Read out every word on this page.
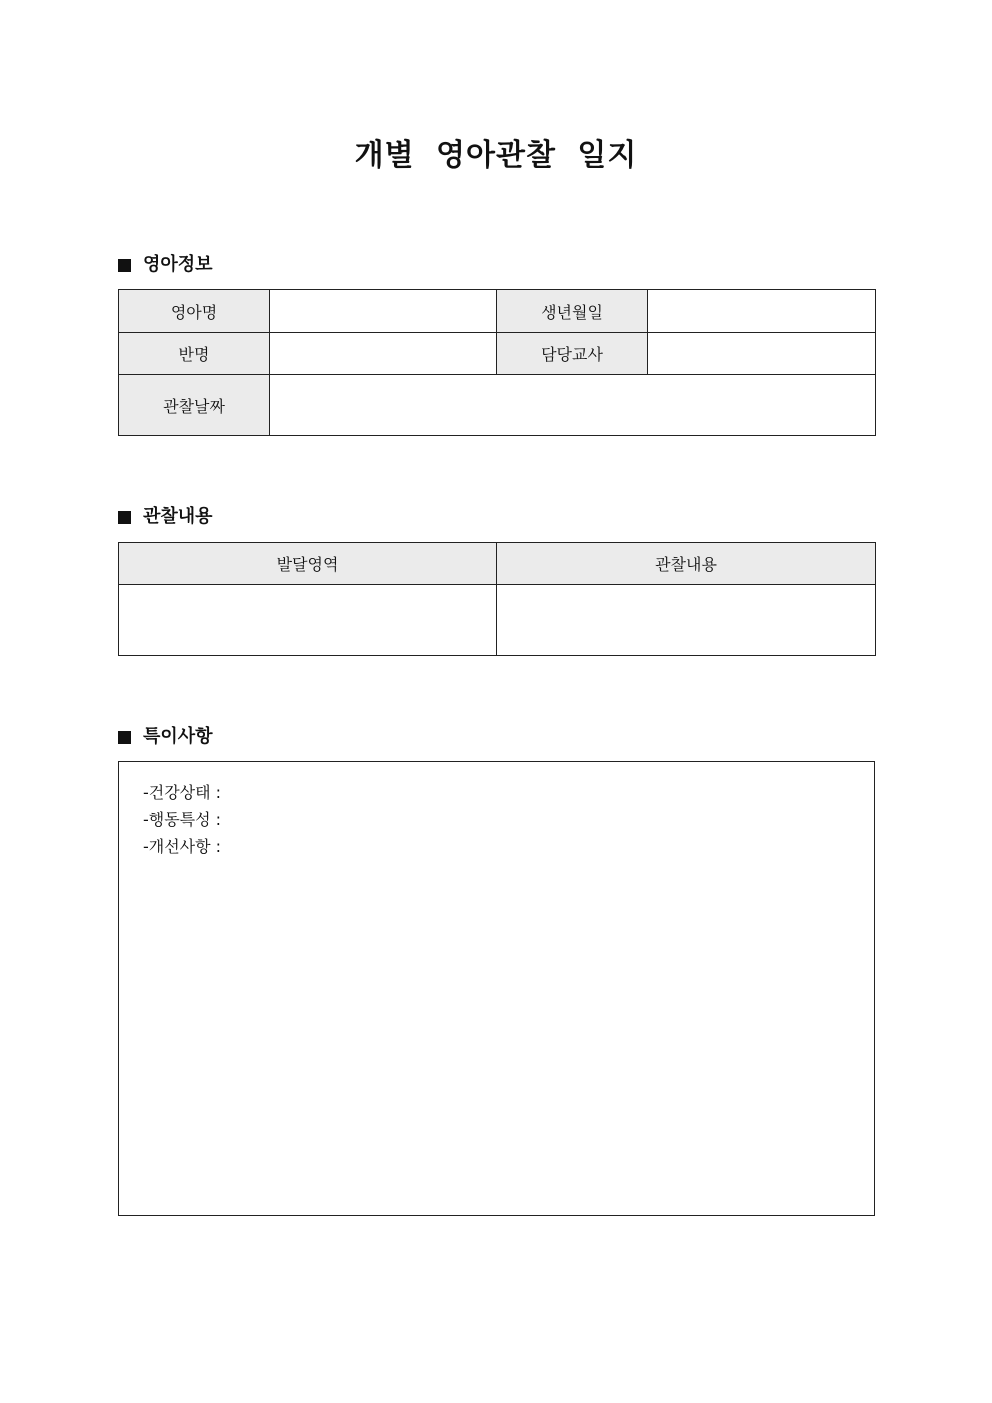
개별 영아관찰 일지
영아정보
영아명		생년월일	
반명		담당교사	
관찰날짜			
관찰내용
발달영역	관찰내용

특이사항
-건강상태 :
-행동특성 :
-개선사항 :
